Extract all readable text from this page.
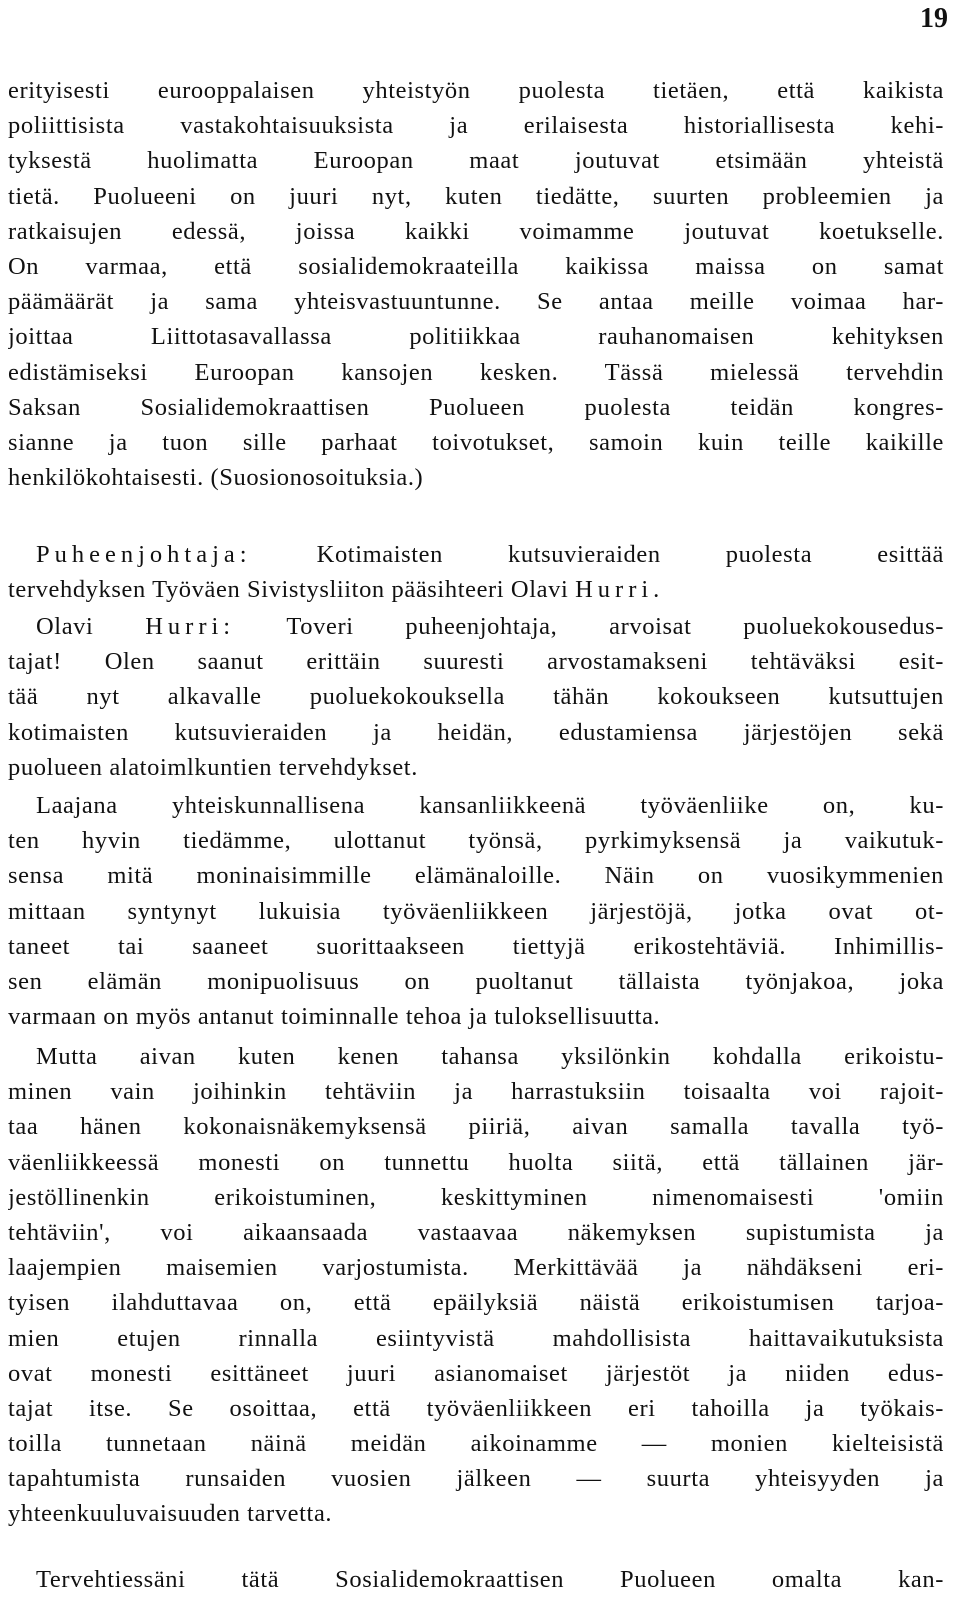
19
erityisesti eurooppalaisen yhteistyön puolesta tietäen, että kaikista
poliittisista vastakohtaisuuksista ja erilaisesta historiallisesta kehi-
tyksestä huolimatta Euroopan maat joutuvat etsimään yhteistä
tietä. Puolueeni on juuri nyt, kuten tiedätte, suurten probleemien ja
ratkaisujen edessä, joissa kaikki voimamme joutuvat koetukselle.
On varmaa, että sosialidemokraateilla kaikissa maissa on samat
päämäärät ja sama yhteisvastuuntunne. Se antaa meille voimaa har-
joittaa Liittotasavallassa politiikkaa rauhanomaisen kehityksen
edistämiseksi Euroopan kansojen kesken. Tässä mielessä tervehdin
Saksan Sosialidemokraattisen Puolueen puolesta teidän kongres-
sianne ja tuon sille parhaat toivotukset, samoin kuin teille kaikille
henkilökohtaisesti. (Suosionosoituksia.)
Puheenjohtaja: Kotimaisten kutsuvieraiden puolesta esittää
tervehdyksen Työväen Sivistysliiton pääsihteeri Olavi Hurri.
Olavi Hurri: Toveri puheenjohtaja, arvoisat puoluekokousedus-
tajat! Olen saanut erittäin suuresti arvostamakseni tehtäväksi esit-
tää nyt alkavalle puoluekokouksella tähän kokoukseen kutsuttujen
kotimaisten kutsuvieraiden ja heidän, edustamiensa järjestöjen sekä
puolueen alatoimlkuntien tervehdykset.
Laajana yhteiskunnallisena kansanliikkeenä työväenliike on, ku-
ten hyvin tiedämme, ulottanut työnsä, pyrkimyksensä ja vaikutuk-
sensa mitä moninaisimmille elämänaloille. Näin on vuosikymmenien
mittaan syntynyt lukuisia työväenliikkeen järjestöjä, jotka ovat ot-
taneet tai saaneet suorittaakseen tiettyjä erikostehtäviä. Inhimillis-
sen elämän monipuolisuus on puoltanut tällaista työnjakoa, joka
varmaan on myös antanut toiminnalle tehoa ja tuloksellisuutta.
Mutta aivan kuten kenen tahansa yksilönkin kohdalla erikoistu-
minen vain joihinkin tehtäviin ja harrastuksiin toisaalta voi rajoit-
taa hänen kokonaisnäkemyksensä piiriä, aivan samalla tavalla työ-
väenliikkeessä monesti on tunnettu huolta siitä, että tällainen jär-
jestöllinenkin erikoistuminen, keskittyminen nimenomaisesti 'omiin
tehtäviin', voi aikaansaada vastaavaa näkemyksen supistumista ja
laajempien maisemien varjostumista. Merkittävää ja nähdäkseni eri-
tyisen ilahduttavaa on, että epäilyksiä näistä erikoistumisen tarjoa-
mien etujen rinnalla esiintyvistä mahdollisista haittavaikutuksista
ovat monesti esittäneet juuri asianomaiset järjestöt ja niiden edus-
tajat itse. Se osoittaa, että työväenliikkeen eri tahoilla ja työkais-
toilla tunnetaan näinä meidän aikoinamme — monien kielteisistä
tapahtumista runsaiden vuosien jälkeen — suurta yhteisyyden ja
yhteenkuuluvaisuuden tarvetta.
Tervehtiessäni tätä Sosialidemokraattisen Puolueen omalta kan-
